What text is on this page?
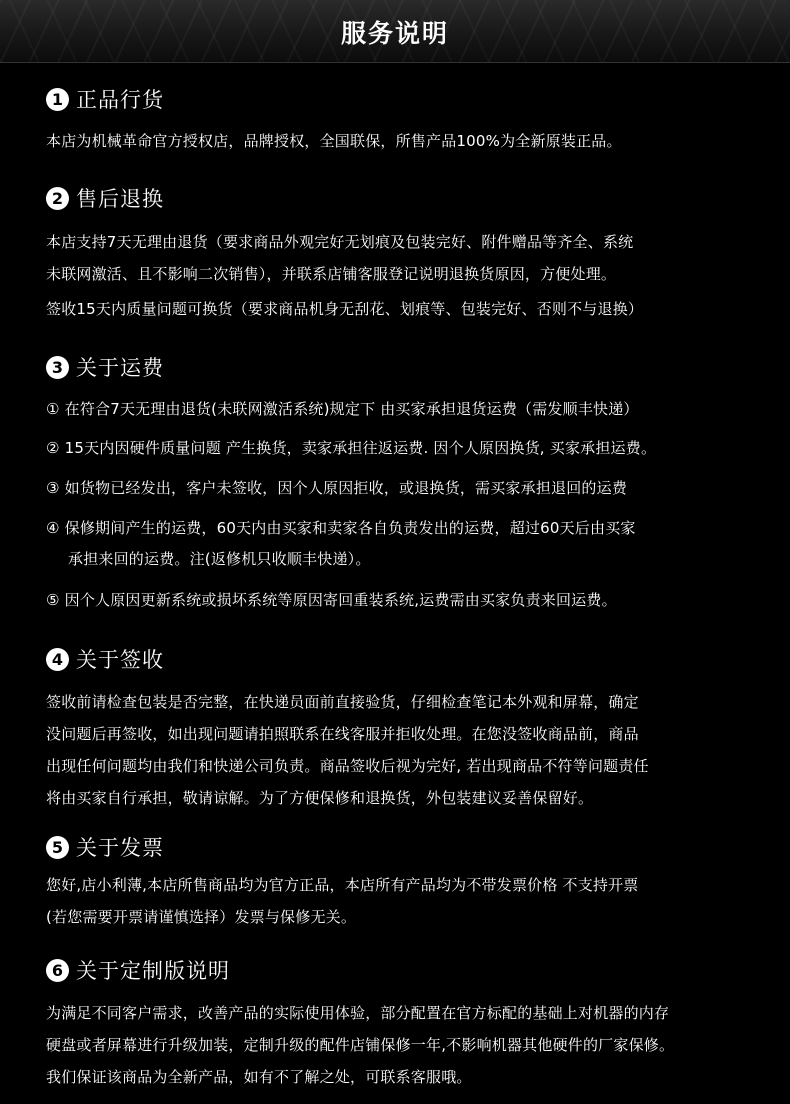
服务说明
1 正品行货
本店为机械革命官方授权店，品牌授权，全国联保，所售产品100%为全新原装正品。
2 售后退换
本店支持7天无理由退货（要求商品外观完好无划痕及包装完好、附件赠品等齐全、系统
未联网激活、且不影响二次销售），并联系店铺客服登记说明退换货原因，方便处理。
签收15天内质量问题可换货（要求商品机身无刮花、划痕等、包装完好、否则不与退换）
3 关于运费
① 在符合7天无理由退货(未联网激活系统)规定下 由买家承担退货运费（需发顺丰快递）
② 15天内因硬件质量问题 产生换货，卖家承担往返运费. 因个人原因换货, 买家承担运费。
③ 如货物已经发出，客户未签收，因个人原因拒收，或退换货，需买家承担退回的运费
④ 保修期间产生的运费，60天内由买家和卖家各自负责发出的运费，超过60天后由买家
承担来回的运费。注(返修机只收顺丰快递）。
⑤ 因个人原因更新系统或损坏系统等原因寄回重装系统,运费需由买家负责来回运费。
4 关于签收
签收前请检查包装是否完整，在快递员面前直接验货，仔细检查笔记本外观和屏幕，确定
没问题后再签收，如出现问题请拍照联系在线客服并拒收处理。在您没签收商品前，商品
出现任何问题均由我们和快递公司负责。商品签收后视为完好, 若出现商品不符等问题责任
将由买家自行承担，敬请谅解。为了方便保修和退换货，外包装建议妥善保留好。
5 关于发票
您好,店小利薄,本店所售商品均为官方正品，本店所有产品均为不带发票价格 不支持开票
(若您需要开票请谨慎选择）发票与保修无关。
6 关于定制版说明
为满足不同客户需求，改善产品的实际使用体验，部分配置在官方标配的基础上对机器的内存
硬盘或者屏幕进行升级加装，定制升级的配件店铺保修一年,不影响机器其他硬件的厂家保修。
我们保证该商品为全新产品，如有不了解之处，可联系客服哦。
